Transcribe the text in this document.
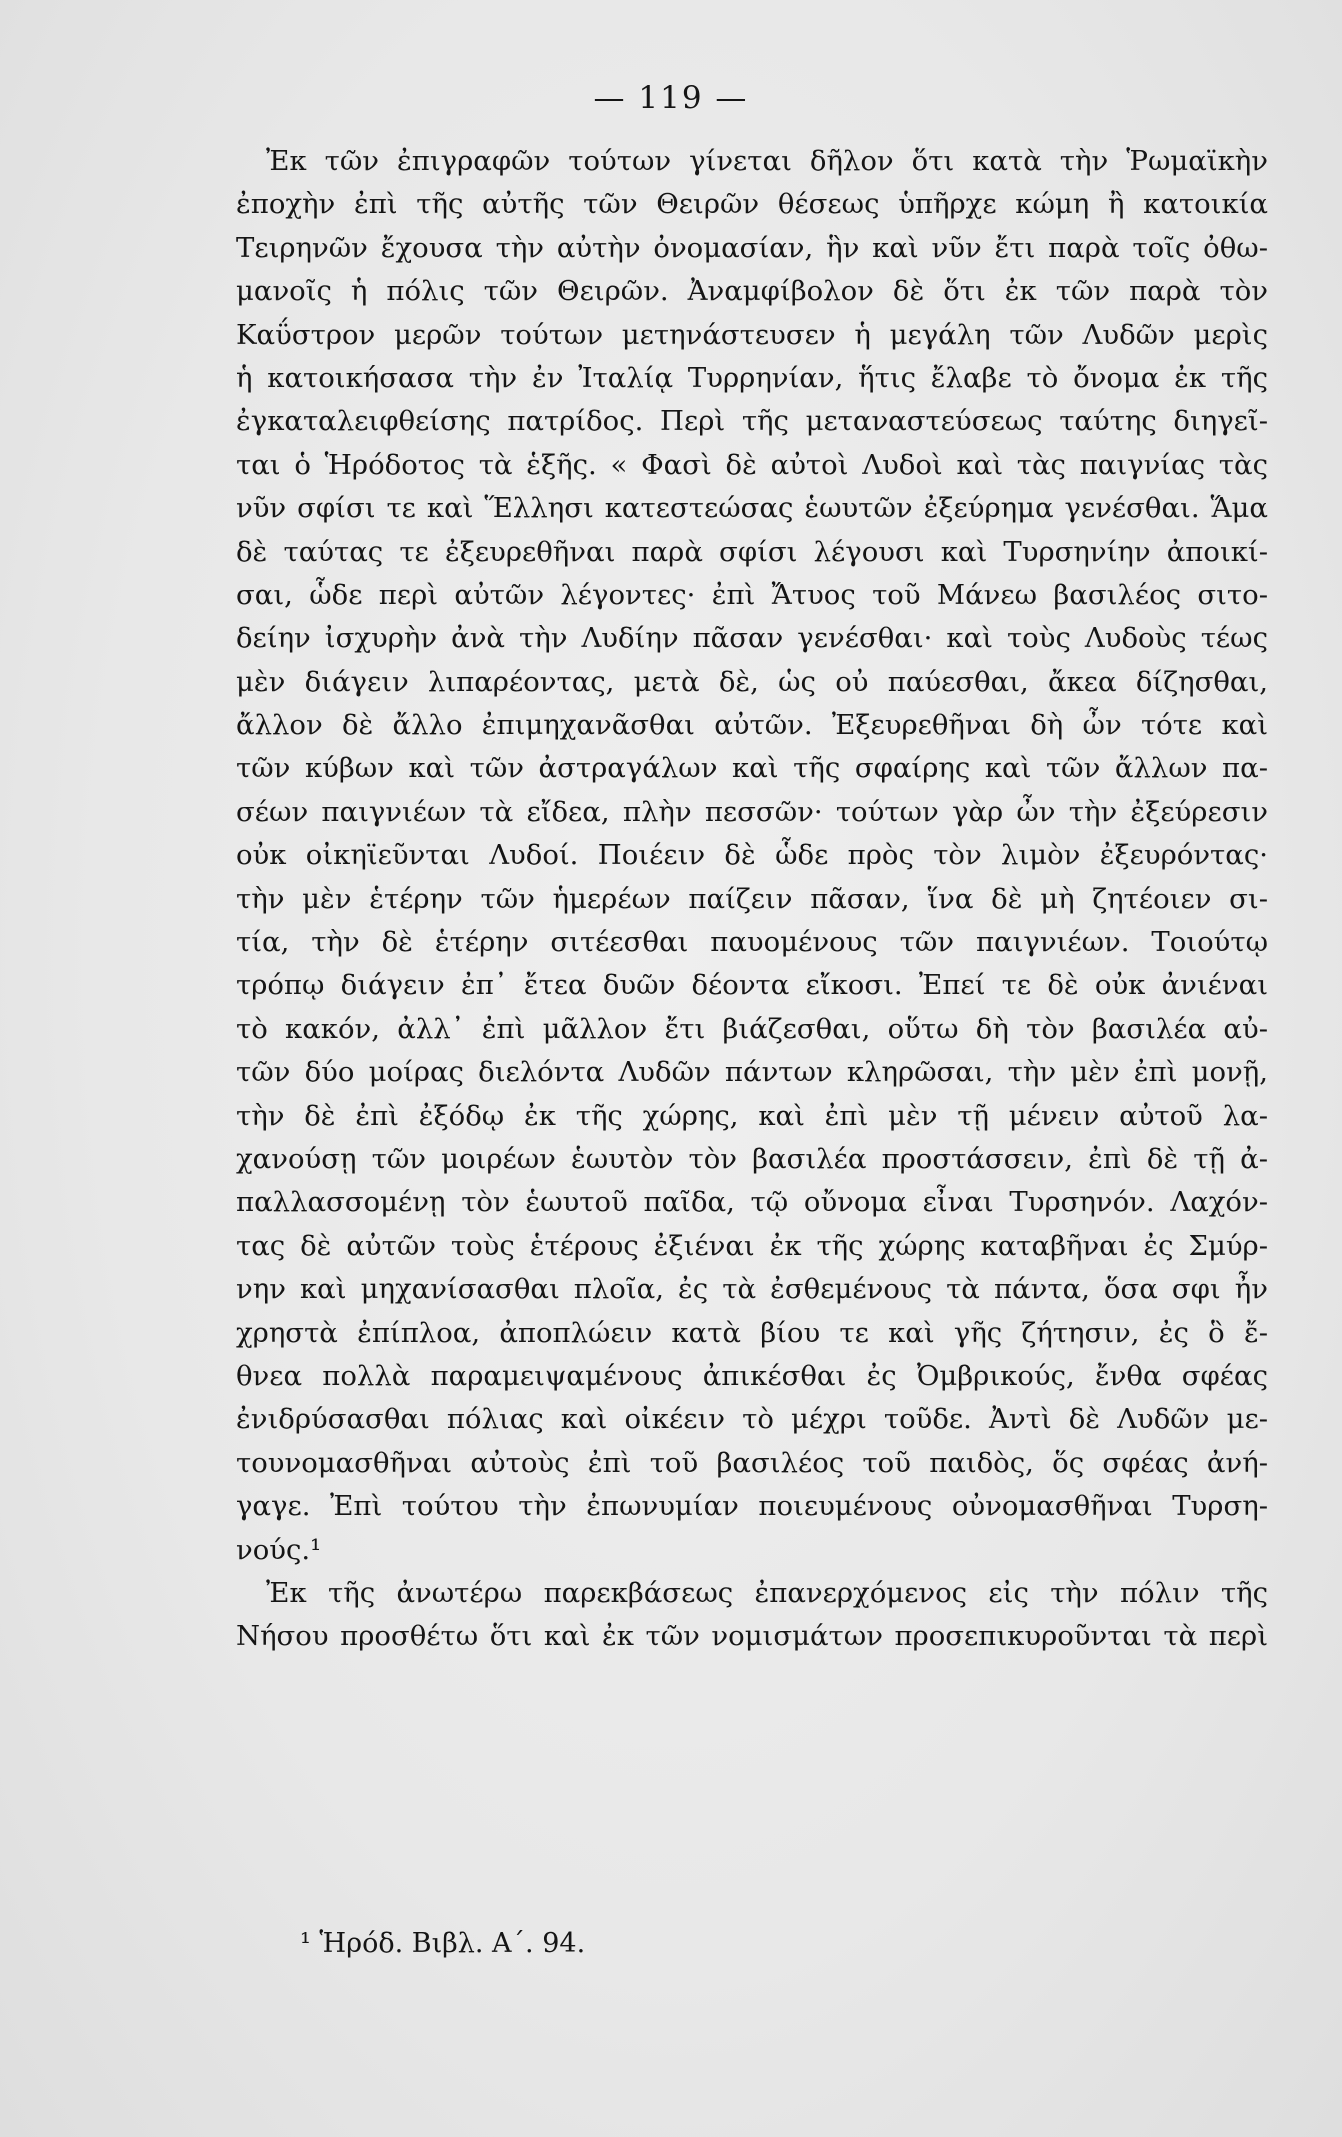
— 119 —
Ἐκ τῶν ἐπιγραφῶν τούτων γίνεται δῆλον ὅτι κατὰ τὴν Ῥωμαϊκὴν
ἐποχὴν ἐπὶ τῆς αὐτῆς τῶν Θειρῶν θέσεως ὑπῆρχε κώμη ἢ κατοικία
Τειρηνῶν ἔχουσα τὴν αὐτὴν ὀνομασίαν, ἣν καὶ νῦν ἔτι παρὰ τοῖς ὀθω-
μανοῖς ἡ πόλις τῶν Θειρῶν. Ἀναμφίβολον δὲ ὅτι ἐκ τῶν παρὰ τὸν
Καΰστρον μερῶν τούτων μετηνάστευσεν ἡ μεγάλη τῶν Λυδῶν μερὶς
ἡ κατοικήσασα τὴν ἐν Ἰταλίᾳ Τυρρηνίαν, ἥτις ἔλαβε τὸ ὄνομα ἐκ τῆς
ἐγκαταλειφθείσης πατρίδος. Περὶ τῆς μεταναστεύσεως ταύτης διηγεῖ-
ται ὁ Ἡρόδοτος τὰ ἑξῆς. « Φασὶ δὲ αὐτοὶ Λυδοὶ καὶ τὰς παιγνίας τὰς
νῦν σφίσι τε καὶ Ἕλλησι κατεστεώσας ἑωυτῶν ἐξεύρημα γενέσθαι. Ἅμα
δὲ ταύτας τε ἐξευρεθῆναι παρὰ σφίσι λέγουσι καὶ Τυρσηνίην ἀποικί-
σαι, ὧδε περὶ αὐτῶν λέγοντες· ἐπὶ Ἄτυος τοῦ Μάνεω βασιλέος σιτο-
δείην ἰσχυρὴν ἀνὰ τὴν Λυδίην πᾶσαν γενέσθαι· καὶ τοὺς Λυδοὺς τέως
μὲν διάγειν λιπαρέοντας, μετὰ δὲ, ὡς οὐ παύεσθαι, ἄκεα δίζησθαι,
ἄλλον δὲ ἄλλο ἐπιμηχανᾶσθαι αὐτῶν. Ἐξευρεθῆναι δὴ ὦν τότε καὶ
τῶν κύβων καὶ τῶν ἀστραγάλων καὶ τῆς σφαίρης καὶ τῶν ἄλλων πα-
σέων παιγνιέων τὰ εἴδεα, πλὴν πεσσῶν· τούτων γὰρ ὦν τὴν ἐξεύρεσιν
οὐκ οἰκηϊεῦνται Λυδοί. Ποιέειν δὲ ὧδε πρὸς τὸν λιμὸν ἐξευρόντας·
τὴν μὲν ἑτέρην τῶν ἡμερέων παίζειν πᾶσαν, ἵνα δὲ μὴ ζητέοιεν σι-
τία, τὴν δὲ ἑτέρην σιτέεσθαι παυομένους τῶν παιγνιέων. Τοιούτῳ
τρόπῳ διάγειν ἐπ᾽ ἔτεα δυῶν δέοντα εἴκοσι. Ἐπεί τε δὲ οὐκ ἀνιέναι
τὸ κακόν, ἀλλ᾽ ἐπὶ μᾶλλον ἔτι βιάζεσθαι, οὕτω δὴ τὸν βασιλέα αὐ-
τῶν δύο μοίρας διελόντα Λυδῶν πάντων κληρῶσαι, τὴν μὲν ἐπὶ μονῇ,
τὴν δὲ ἐπὶ ἐξόδῳ ἐκ τῆς χώρης, καὶ ἐπὶ μὲν τῇ μένειν αὐτοῦ λα-
χανούσῃ τῶν μοιρέων ἑωυτὸν τὸν βασιλέα προστάσσειν, ἐπὶ δὲ τῇ ἀ-
παλλασσομένῃ τὸν ἑωυτοῦ παῖδα, τῷ οὔνομα εἶναι Τυρσηνόν. Λαχόν-
τας δὲ αὐτῶν τοὺς ἑτέρους ἐξιέναι ἐκ τῆς χώρης καταβῆναι ἐς Σμύρ-
νην καὶ μηχανίσασθαι πλοῖα, ἐς τὰ ἐσθεμένους τὰ πάντα, ὅσα σφι ἦν
χρηστὰ ἐπίπλοα, ἀποπλώειν κατὰ βίου τε καὶ γῆς ζήτησιν, ἐς ὃ ἔ-
θνεα πολλὰ παραμειψαμένους ἀπικέσθαι ἐς Ὀμβρικούς, ἔνθα σφέας
ἐνιδρύσασθαι πόλιας καὶ οἰκέειν τὸ μέχρι τοῦδε. Ἀντὶ δὲ Λυδῶν με-
τουνομασθῆναι αὐτοὺς ἐπὶ τοῦ βασιλέος τοῦ παιδὸς, ὅς σφέας ἀνή-
γαγε. Ἐπὶ τούτου τὴν ἐπωνυμίαν ποιευμένους οὐνομασθῆναι Τυρση-
νούς.¹
Ἐκ τῆς ἀνωτέρω παρεκβάσεως ἐπανερχόμενος εἰς τὴν πόλιν τῆς
Νήσου προσθέτω ὅτι καὶ ἐκ τῶν νομισμάτων προσεπικυροῦνται τὰ περὶ
¹ Ἡρόδ. Βιβλ. Α΄. 94.
